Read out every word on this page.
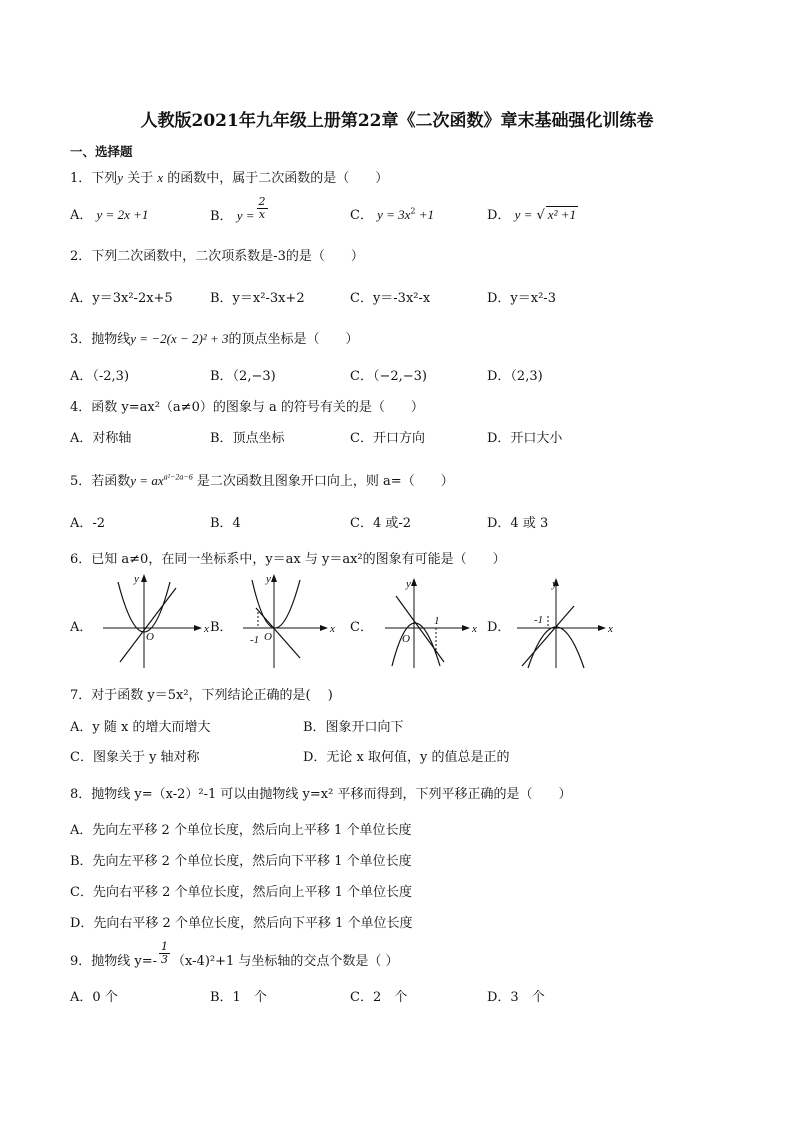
人教版2021年九年级上册第22章《二次函数》章末基础强化训练卷
一、选择题
1．下列y 关于 x 的函数中，属于二次函数的是（　　）
A． y = 2x +1	B． $y = \frac{2}{x}$	C． $y = 3x^2 +1$	D． y = √ x² +1
2．下列二次函数中，二次项系数是-3的是（　　）
A．y＝3x²-2x+5	B．y＝x²-3x+2	C．y＝-3x²-x	D．y＝x²-3
3．抛物线y = −2(x − 2)² + 3的顶点坐标是（　　）
A．（-2,3)	B．（2,−3)	C．（−2,−3)	D．（2,3)
4．函数 y=ax²（a≠0）的图象与 a 的符号有关的是（　　）
A．对称轴	B．顶点坐标	C．开口方向	D．开口大小
5．若函数$y = ax^{a^2-2a-6}$ 是二次函数且图象开口向上，则 a=（　　）
A．-2	B．4	C．4 或-2	D．4 或 3
6．已知 a≠0，在同一坐标系中，y＝ax 与 y＝ax²的图象有可能是（　　）
A．	B．	C．	D．
x
y
O
x
y
O
-1
x
y
O
1
x
y
-1
7．对于函数 y＝5x²，下列结论正确的是(　 )
A．y 随 x 的增大而增大	B．图象开口向下
C．图象关于 y 轴对称	D．无论 x 取何值，y 的值总是正的
8．抛物线 y=（x-2）²-1 可以由抛物线 y=x² 平移而得到，下列平移正确的是（　　）
A．先向左平移 2 个单位长度，然后向上平移 1 个单位长度
B．先向左平移 2 个单位长度，然后向下平移 1 个单位长度
C．先向右平移 2 个单位长度，然后向上平移 1 个单位长度
D．先向右平移 2 个单位长度，然后向下平移 1 个单位长度
9．抛物线 $y=- \frac{1}{3} (x-4)^2+1$ 与坐标轴的交点个数是（ ）
A．0 个	B．1　个	C．2　个	D．3　个
